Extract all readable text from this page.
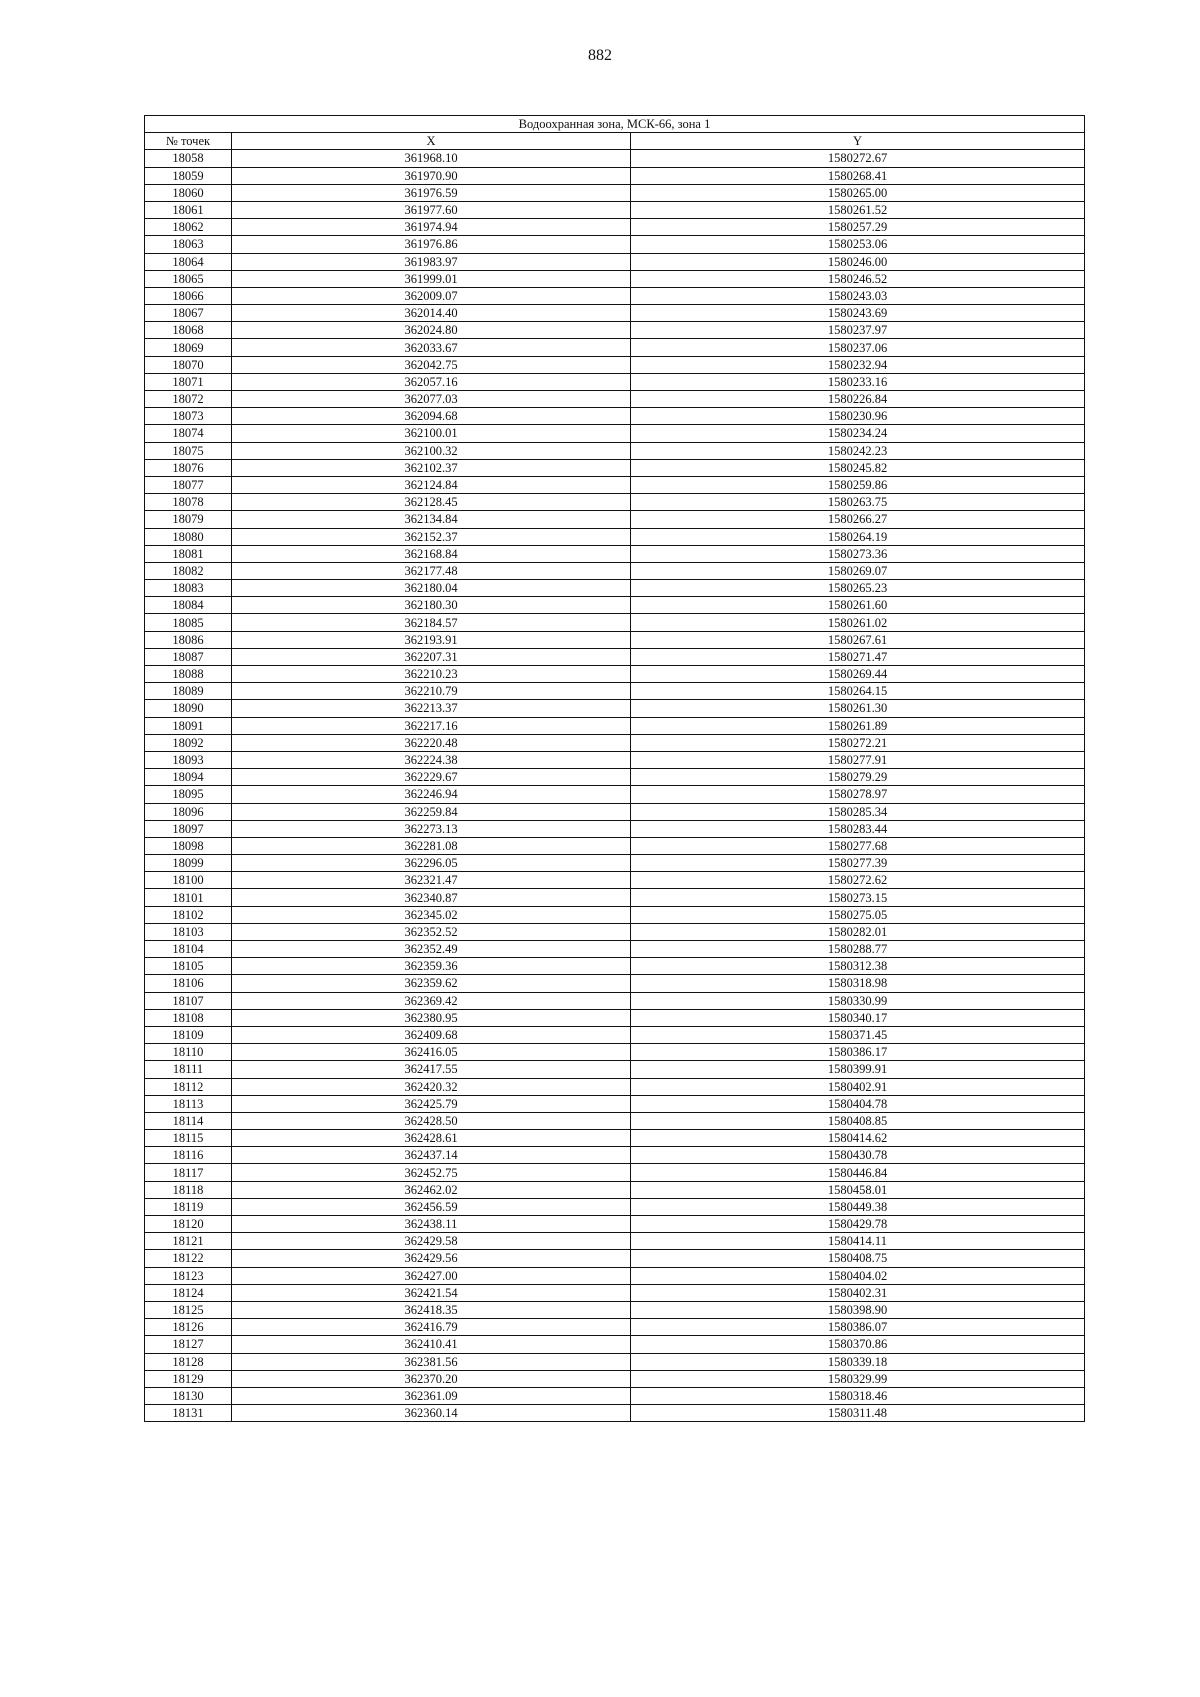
882
Водоохранная зона, МСК-66, зона 1		
№ точек	X	Y
18058	361968.10	1580272.67
18059	361970.90	1580268.41
18060	361976.59	1580265.00
18061	361977.60	1580261.52
18062	361974.94	1580257.29
18063	361976.86	1580253.06
18064	361983.97	1580246.00
18065	361999.01	1580246.52
18066	362009.07	1580243.03
18067	362014.40	1580243.69
18068	362024.80	1580237.97
18069	362033.67	1580237.06
18070	362042.75	1580232.94
18071	362057.16	1580233.16
18072	362077.03	1580226.84
18073	362094.68	1580230.96
18074	362100.01	1580234.24
18075	362100.32	1580242.23
18076	362102.37	1580245.82
18077	362124.84	1580259.86
18078	362128.45	1580263.75
18079	362134.84	1580266.27
18080	362152.37	1580264.19
18081	362168.84	1580273.36
18082	362177.48	1580269.07
18083	362180.04	1580265.23
18084	362180.30	1580261.60
18085	362184.57	1580261.02
18086	362193.91	1580267.61
18087	362207.31	1580271.47
18088	362210.23	1580269.44
18089	362210.79	1580264.15
18090	362213.37	1580261.30
18091	362217.16	1580261.89
18092	362220.48	1580272.21
18093	362224.38	1580277.91
18094	362229.67	1580279.29
18095	362246.94	1580278.97
18096	362259.84	1580285.34
18097	362273.13	1580283.44
18098	362281.08	1580277.68
18099	362296.05	1580277.39
18100	362321.47	1580272.62
18101	362340.87	1580273.15
18102	362345.02	1580275.05
18103	362352.52	1580282.01
18104	362352.49	1580288.77
18105	362359.36	1580312.38
18106	362359.62	1580318.98
18107	362369.42	1580330.99
18108	362380.95	1580340.17
18109	362409.68	1580371.45
18110	362416.05	1580386.17
18111	362417.55	1580399.91
18112	362420.32	1580402.91
18113	362425.79	1580404.78
18114	362428.50	1580408.85
18115	362428.61	1580414.62
18116	362437.14	1580430.78
18117	362452.75	1580446.84
18118	362462.02	1580458.01
18119	362456.59	1580449.38
18120	362438.11	1580429.78
18121	362429.58	1580414.11
18122	362429.56	1580408.75
18123	362427.00	1580404.02
18124	362421.54	1580402.31
18125	362418.35	1580398.90
18126	362416.79	1580386.07
18127	362410.41	1580370.86
18128	362381.56	1580339.18
18129	362370.20	1580329.99
18130	362361.09	1580318.46
18131	362360.14	1580311.48
